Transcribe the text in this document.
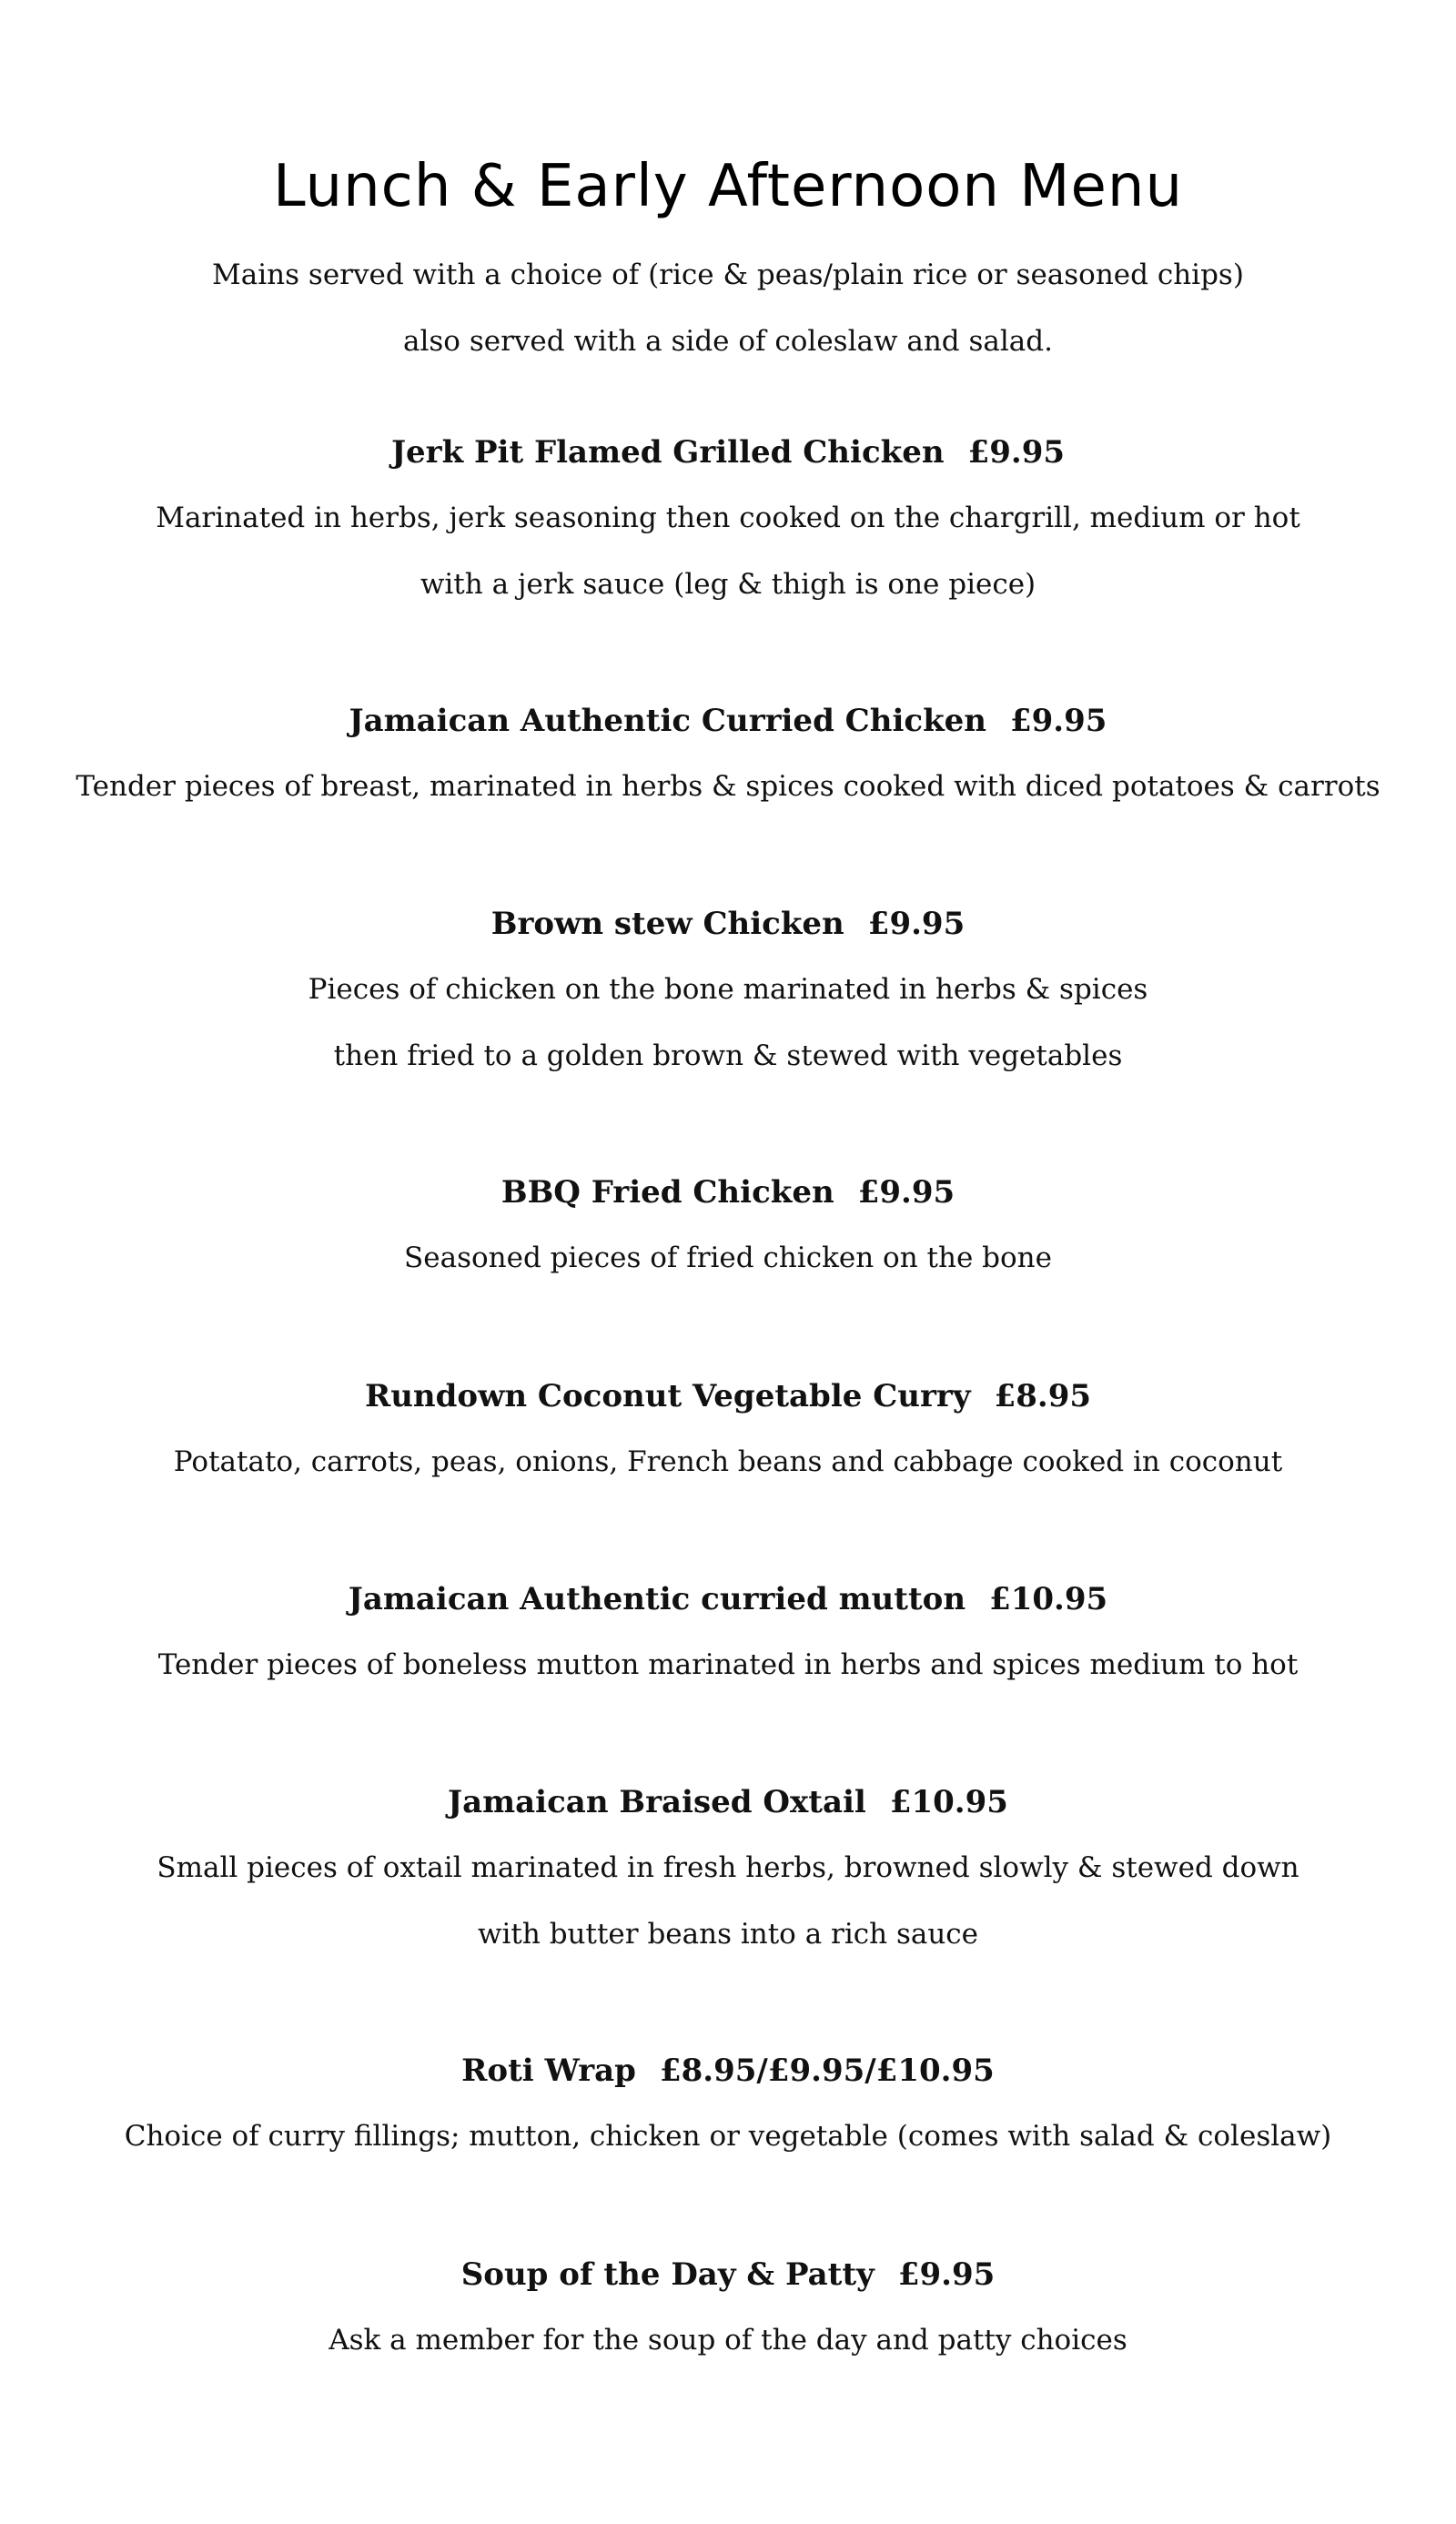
Lunch & Early Afternoon Menu

Mains served with a choice of (rice & peas/plain rice or seasoned chips)

also served with a side of coleslaw and salad.

Jerk Pit Flamed Grilled Chicken £9.95

Marinated in herbs, jerk seasoning then cooked on the chargrill, medium or hot

with a jerk sauce (leg & thigh is one piece)

Jamaican Authentic Curried Chicken £9.95

Tender pieces of breast, marinated in herbs & spices cooked with diced potatoes & carrots

Brown stew Chicken £9.95

Pieces of chicken on the bone marinated in herbs & spices

then fried to a golden brown & stewed with vegetables

BBQ Fried Chicken £9.95

Seasoned pieces of fried chicken on the bone

Rundown Coconut Vegetable Curry £8.95

Potatato, carrots, peas, onions, French beans and cabbage cooked in coconut

Jamaican Authentic curried mutton £10.95

Tender pieces of boneless mutton marinated in herbs and spices medium to hot

Jamaican Braised Oxtail £10.95

Small pieces of oxtail marinated in fresh herbs, browned slowly & stewed down

with butter beans into a rich sauce

Roti Wrap £8.95/£9.95/£10.95

Choice of curry fillings; mutton, chicken or vegetable (comes with salad & coleslaw)

Soup of the Day & Patty £9.95

Ask a member for the soup of the day and patty choices
